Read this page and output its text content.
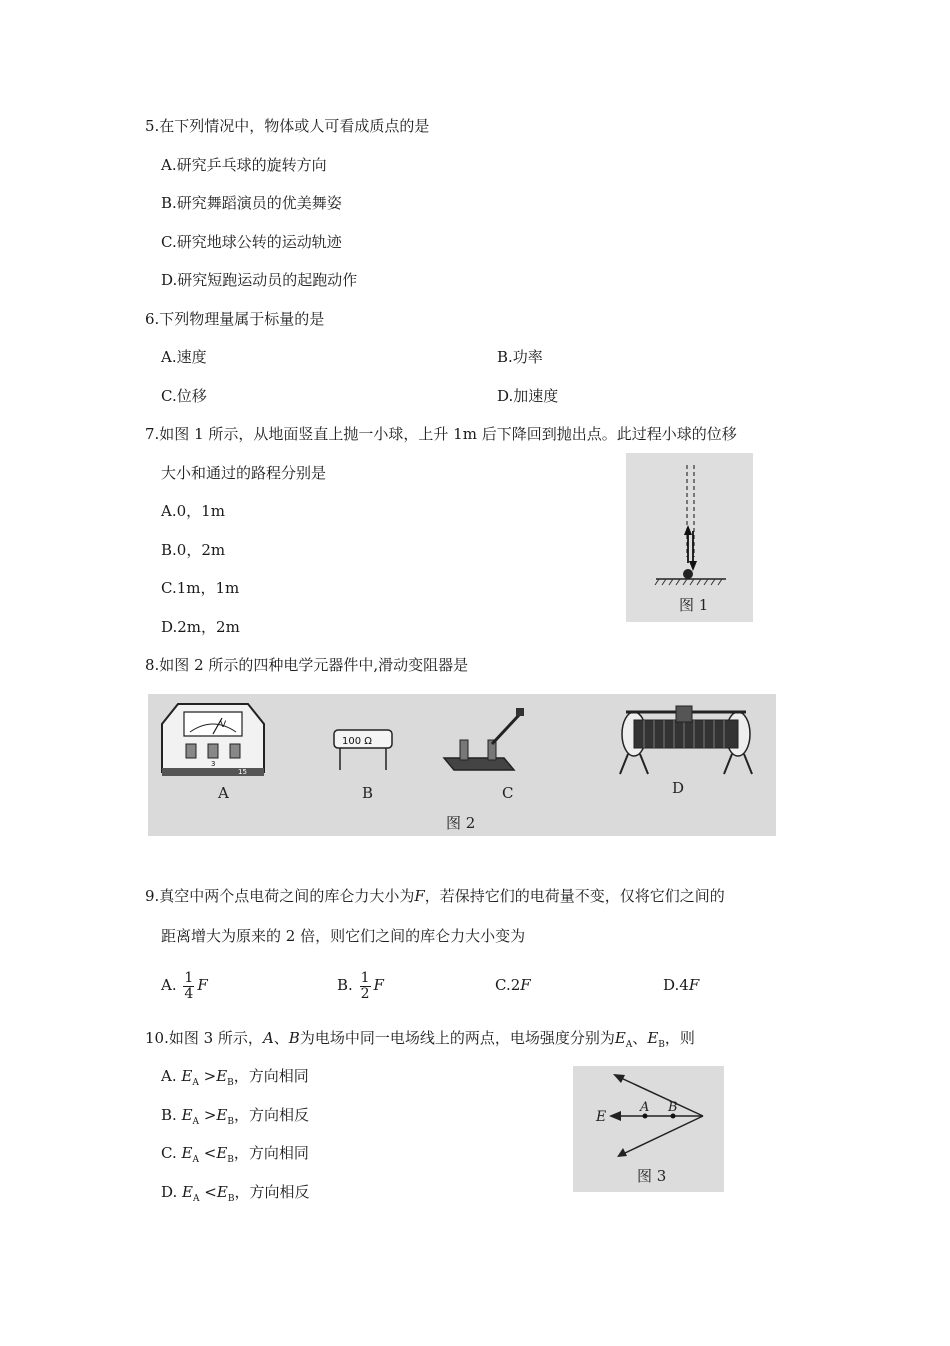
5.在下列情况中，物体或人可看成质点的是
A.研究乒乓球的旋转方向
B.研究舞蹈演员的优美舞姿
C.研究地球公转的运动轨迹
D.研究短跑运动员的起跑动作
6.下列物理量属于标量的是
A.速度	B.功率
C.位移	D.加速度
7.如图 1 所示，从地面竖直上抛一小球，上升 1m 后下降回到抛出点。此过程小球的位移
大小和通过的路程分别是
A.0，1m
B.0，2m
C.1m，1m
D.2m，2m
图 1
8.如图 2 所示的四种电学元器件中,滑动变阻器是
V
3
15
A
100 Ω
B	C	D
图 2
9.真空中两个点电荷之间的库仑力大小为F，若保持它们的电荷量不变，仅将它们之间的
距离增大为原来的 2 倍，则它们之间的库仑力大小变为
A. $\frac{1}{4}$ F	B. $\frac{1}{2}$ F	C.2F	D.4F
10.如图 3 所示，A、B为电场中同一电场线上的两点，电场强度分别为$E_A$、$E_B$，则
A. $E_A >E_B$，方向相同
B. $E_A >E_B$，方向相反
C. $E_A <E_B$，方向相同
D. $E_A <E_B$，方向相反
E
A B
图 3
